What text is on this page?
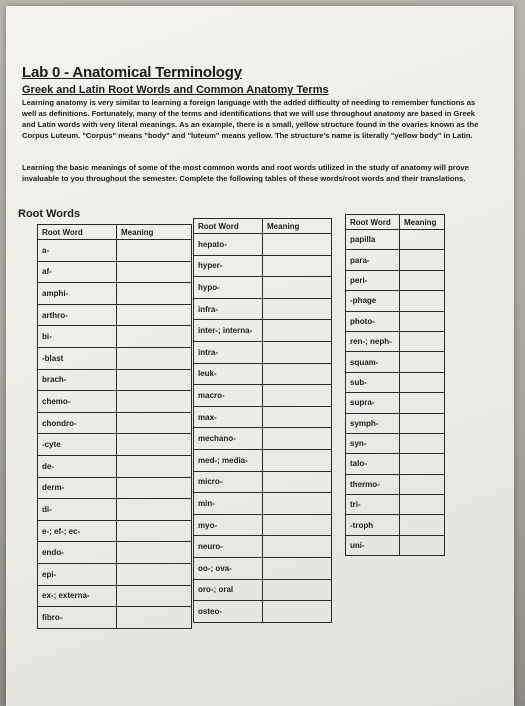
Lab 0 - Anatomical Terminology
Greek and Latin Root Words and Common Anatomy Terms
Learning anatomy is very similar to learning a foreign language with the added difficulty of needing to remember functions as well as definitions. Fortunately, many of the terms and identifications that we will use throughout anatomy are based in Greek and Latin words with very literal meanings. As an example, there is a small, yellow structure found in the ovaries known as the Corpus Luteum. "Corpus" means "body" and "luteum" means yellow. The structure's name is literally "yellow body" in Latin.
Learning the basic meanings of some of the most common words and root words utilized in the study of anatomy will prove invaluable to you throughout the semester. Complete the following tables of these words/root words and their translations.
Root Words
Root Word	Meaning
a-	
af-	
amphi-	
arthro-	
bi-	
-blast	
brach-	
chemo-	
chondro-	
-cyte	
de-	
derm-	
di-	
e-; ef-; ec-	
endo-	
epi-	
ex-; externa-	
fibro-	
Root Word	Meaning
hepato-	
hyper-	
hypo-	
infra-	
inter-; interna-	
intra-	
leuk-	
macro-	
max-	
mechano-	
med-; media-	
micro-	
min-	
myo-	
neuro-	
oo-; ova-	
oro-; oral	
osteo-	
Root Word	Meaning
papilla	
para-	
peri-	
-phage	
photo-	
ren-; neph-	
squam-	
sub-	
supra-	
symph-	
syn-	
talo-	
thermo-	
tri-	
-troph	
uni-	
